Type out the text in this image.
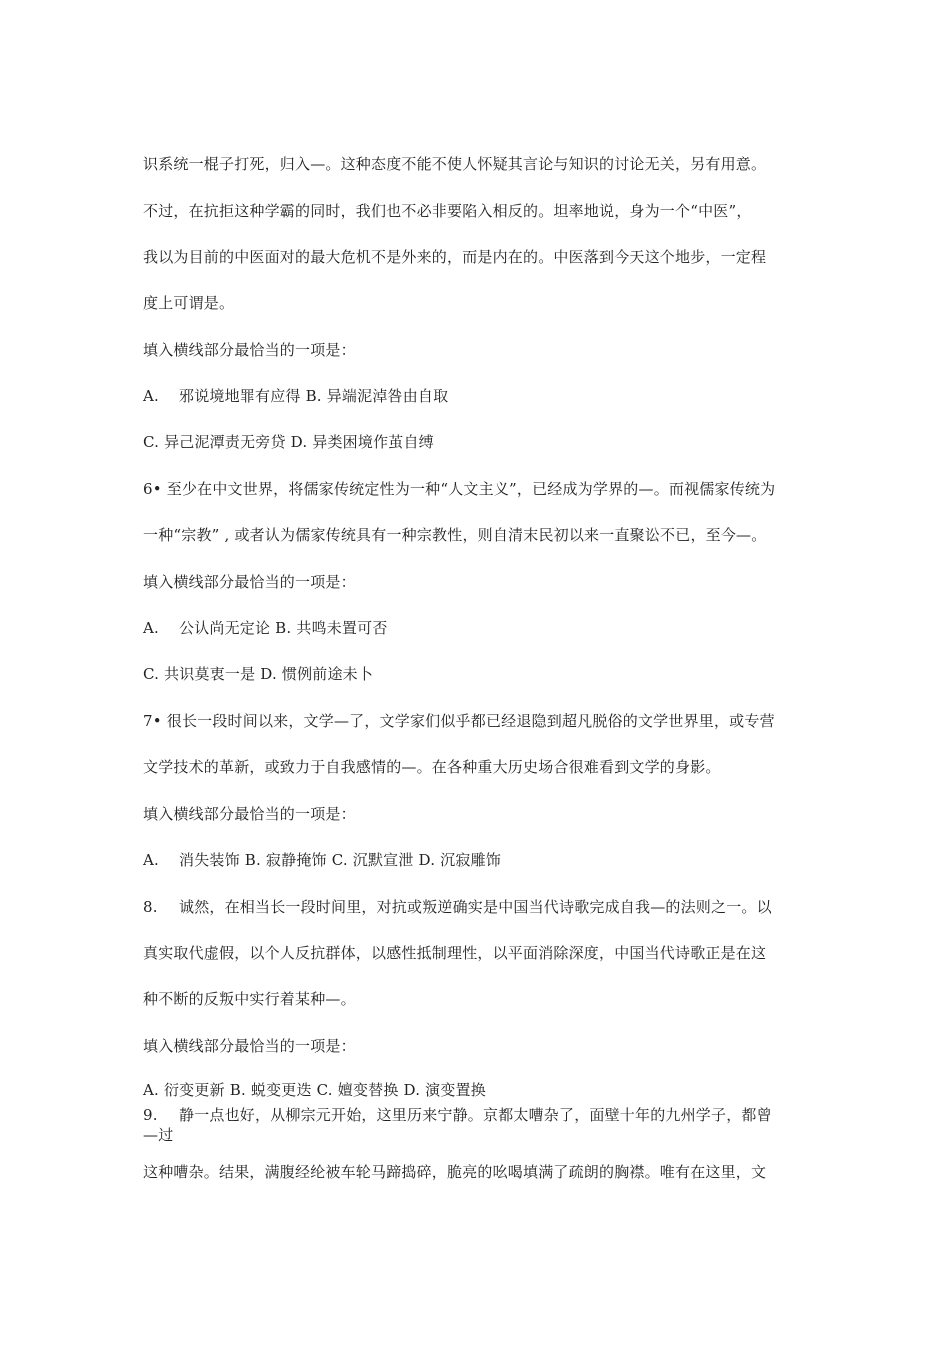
识系统一棍子打死，归入—。这种态度不能不使人怀疑其言论与知识的讨论无关，另有用意。
不过，在抗拒这种学霸的同时，我们也不必非要陷入相反的。坦率地说，身为一个“中医”，
我以为目前的中医面对的最大危机不是外来的，而是内在的。中医落到今天这个地步，一定程
度上可谓是。
填入横线部分最恰当的一项是：
A. 邪说境地罪有应得 B. 异端泥淖咎由自取
C. 异己泥潭责无旁贷 D. 异类困境作茧自缚
6• 至少在中文世界，将儒家传统定性为一种“人文主义”，已经成为学界的—。而视儒家传统为
一种“宗教” , 或者认为儒家传统具有一种宗教性，则自清末民初以来一直聚讼不已，至今—。
填入横线部分最恰当的一项是：
A. 公认尚无定论 B. 共鸣未置可否
C. 共识莫衷一是 D. 惯例前途未卜
7• 很长一段时间以来，文学—了，文学家们似乎都已经退隐到超凡脱俗的文学世界里，或专营
文学技术的革新，或致力于自我感情的—。在各种重大历史场合很难看到文学的身影。
填入横线部分最恰当的一项是：
A. 消失装饰 B. 寂静掩饰 C. 沉默宣泄 D. 沉寂雕饰
8. 诚然，在相当长一段时间里，对抗或叛逆确实是中国当代诗歌完成自我—的法则之一。以
真实取代虚假，以个人反抗群体，以感性抵制理性，以平面消除深度，中国当代诗歌正是在这
种不断的反叛中实行着某种—。
填入横线部分最恰当的一项是：
A. 衍变更新 B. 蜕变更迭 C. 嬗变替换 D. 演变置换
9. 静一点也好，从柳宗元开始，这里历来宁静。京都太嘈杂了，面壁十年的九州学子，都曾
—过
这种嘈杂。结果，满腹经纶被车轮马蹄捣碎，脆亮的吆喝填满了疏朗的胸襟。唯有在这里，文
